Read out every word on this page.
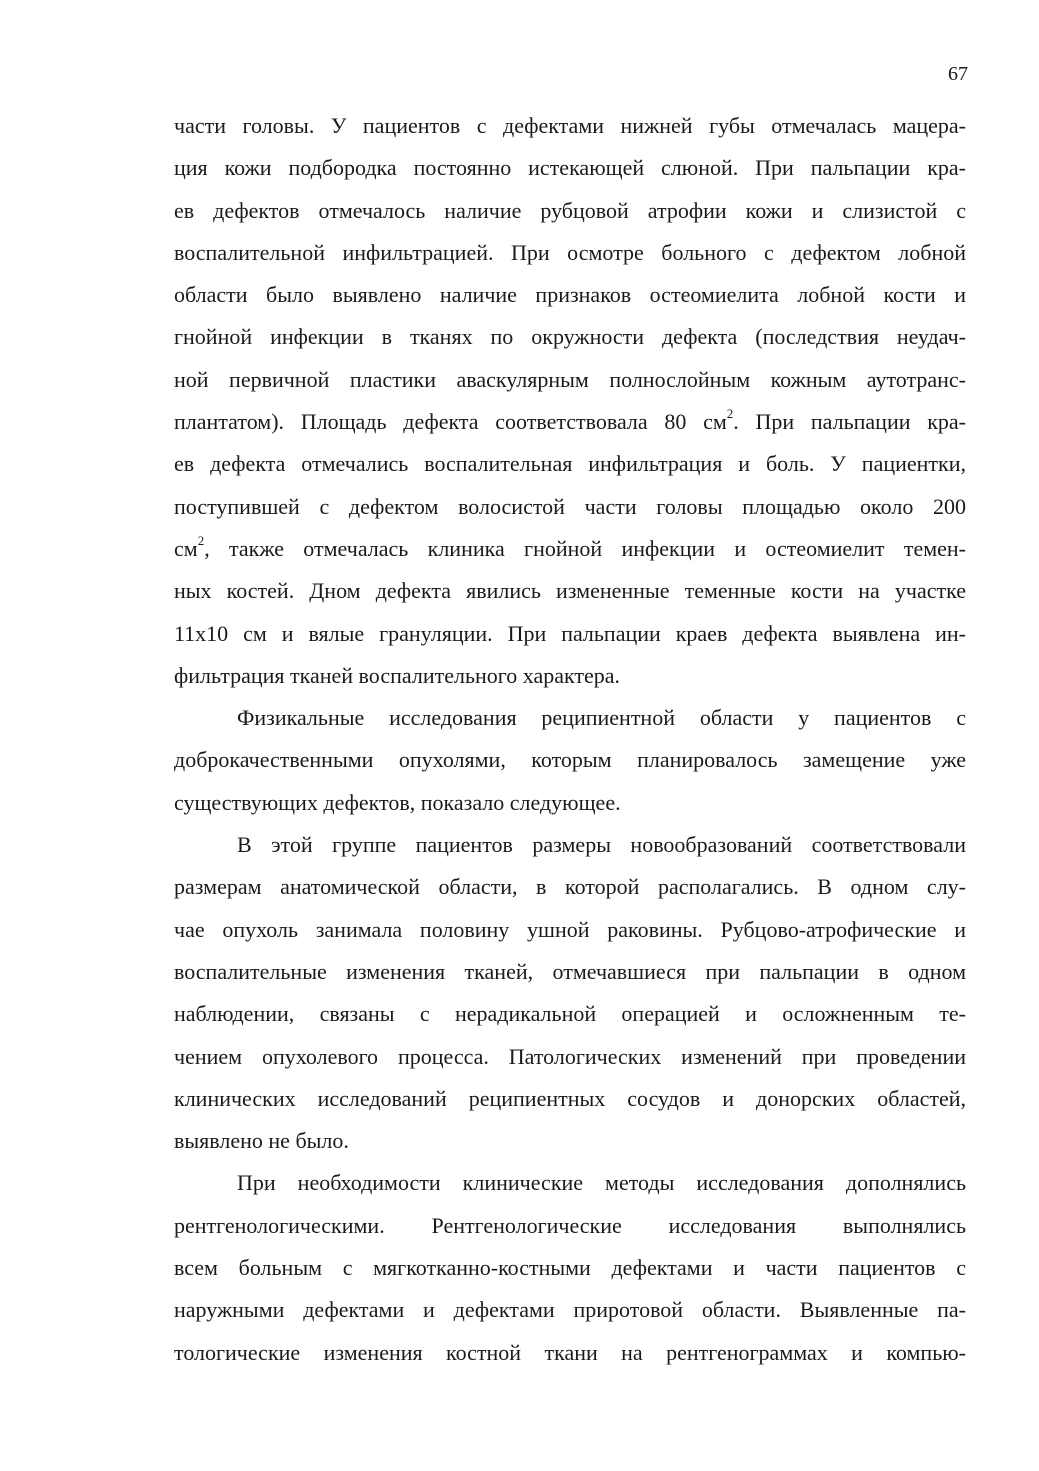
67
части головы. У пациентов с дефектами нижней губы отмечалась мацера-
ция кожи подбородка постоянно истекающей слюной. При пальпации кра-
ев дефектов отмечалось наличие рубцовой атрофии кожи и слизистой с
воспалительной инфильтрацией. При осмотре больного с дефектом лобной
области было выявлено наличие признаков остеомиелита лобной кости и
гнойной инфекции в тканях по окружности дефекта (последствия неудач-
ной первичной пластики аваскулярным полнослойным кожным аутотранс-
плантатом). Площадь дефекта соответствовала 80 $см^2$. При пальпации кра-
ев дефекта отмечались воспалительная инфильтрация и боль. У пациентки,
поступившей с дефектом волосистой части головы площадью около 200
$см^2$, также отмечалась клиника гнойной инфекции и остеомиелит темен-
ных костей. Дном дефекта явились измененные теменные кости на участке
11х10 см и вялые грануляции. При пальпации краев дефекта выявлена ин-
фильтрация тканей воспалительного характера.
Физикальные исследования реципиентной области у пациентов с
доброкачественными опухолями, которым планировалось замещение уже
существующих дефектов, показало следующее.
В этой группе пациентов размеры новообразований соответствовали
размерам анатомической области, в которой располагались. В одном слу-
чае опухоль занимала половину ушной раковины. Рубцово-атрофические и
воспалительные изменения тканей, отмечавшиеся при пальпации в одном
наблюдении, связаны с нерадикальной операцией и осложненным те-
чением опухолевого процесса. Патологических изменений при проведении
клинических исследований реципиентных сосудов и донорских областей,
выявлено не было.
При необходимости клинические методы исследования дополнялись
рентгенологическими. Рентгенологические исследования выполнялись
всем больным с мягкотканно-костными дефектами и части пациентов с
наружными дефектами и дефектами приротовой области. Выявленные па-
тологические изменения костной ткани на рентгенограммах и компью-
